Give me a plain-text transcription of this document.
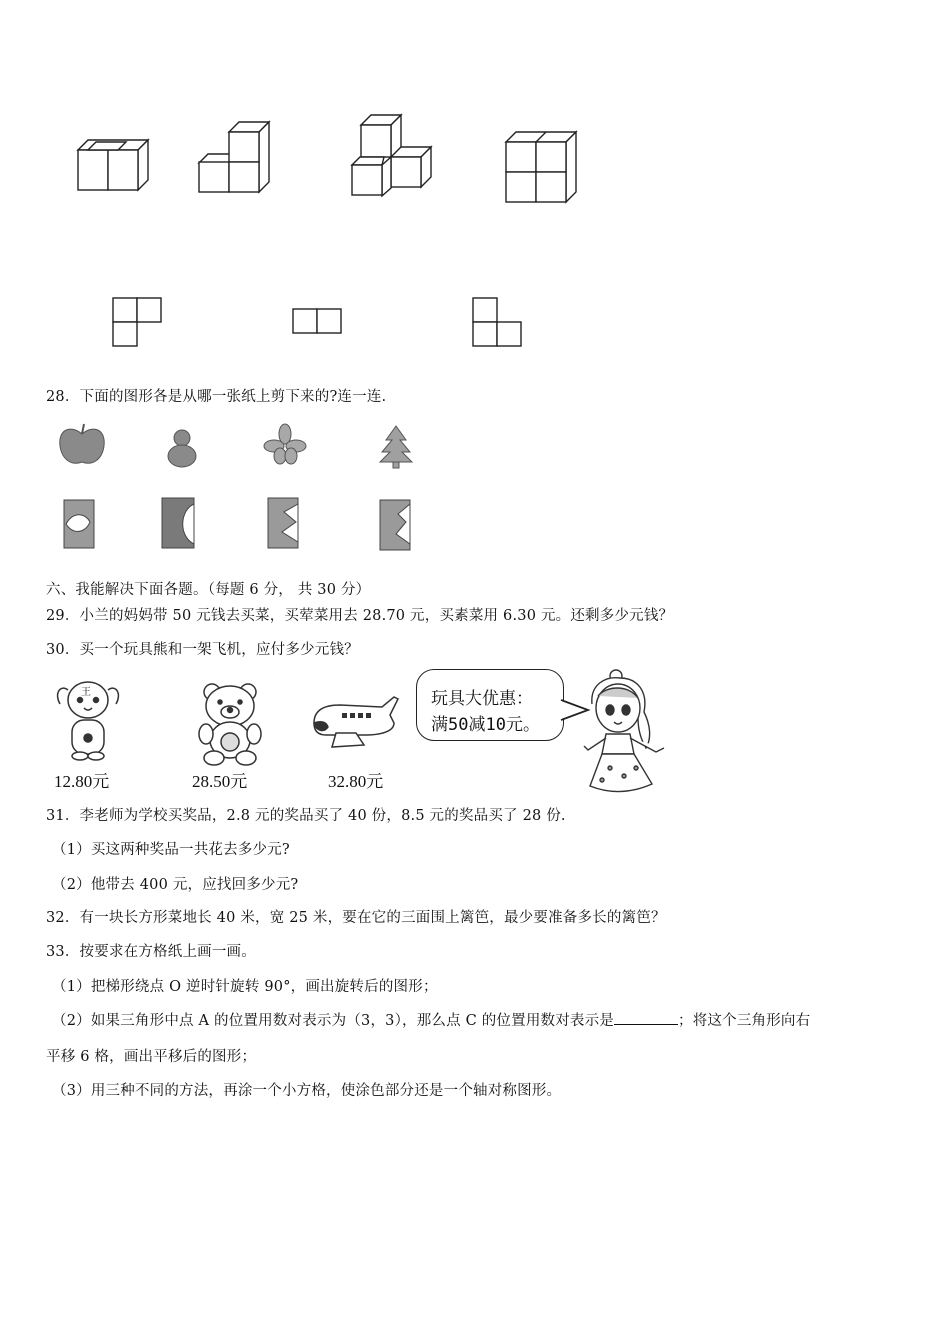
28．下面的图形各是从哪一张纸上剪下来的?连一连.
六、我能解决下面各题。（每题 6 分， 共 30 分）
29．小兰的妈妈带 50 元钱去买菜，买荤菜用去 28.70 元，买素菜用 6.30 元。还剩多少元钱？
30．买一个玩具熊和一架飞机，应付多少元钱？
王
12.80元	28.50元	32.80元
玩具大优惠：
满50减10元。
31．李老师为学校买奖品，2.8 元的奖品买了 40 份，8.5 元的奖品买了 28 份.
（1）买这两种奖品一共花去多少元?
（2）他带去 400 元，应找回多少元?
32．有一块长方形菜地长 40 米，宽 25 米，要在它的三面围上篱笆，最少要准备多长的篱笆？
33．按要求在方格纸上画一画。
（1）把梯形绕点 O 逆时针旋转 90°，画出旋转后的图形；
（2）如果三角形中点 A 的位置用数对表示为（3，3），那么点 C 的位置用数对表示是	；将这个三角形向右
平移 6 格，画出平移后的图形；
（3）用三种不同的方法，再涂一个小方格，使涂色部分还是一个轴对称图形。
